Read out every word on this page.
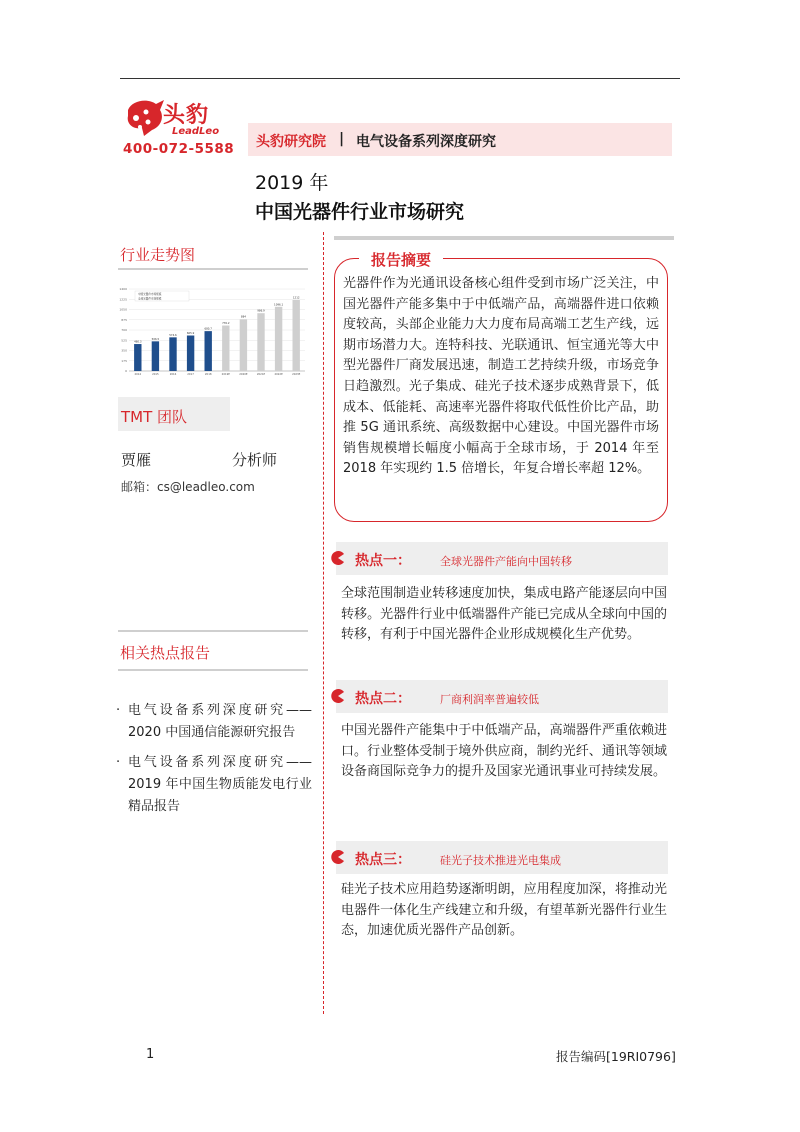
头豹
LeadLeo
400-072-5588 头豹研究院 | 电气设备系列深度研究
2019 年
中国光器件行业市场研究
行业走势图
0
175
350
525
700
875
1050
1225
1400
460.3
2014
506.5
2015
574.6
2016
605.9
2017
680.7
2018
776.2
2019E
884
2020E
986.9
2021E
1096.1
2022E
1212
2023E
中国光器件市场规模
全球光器件市场规模
TMT 团队
贾雁	分析师
邮箱：cs@leadleo.com
相关热点报告
· 电气设备系列深度研究——2020 中国通信能源研究报告
· 电气设备系列深度研究——2019 年中国生物质能发电行业精品报告
报告摘要
光器件作为光通讯设备核心组件受到市场广泛关注，中国光器件产能多集中于中低端产品，高端器件进口依赖度较高，头部企业能力大力度布局高端工艺生产线，远期市场潜力大。连特科技、光联通讯、恒宝通光等大中型光器件厂商发展迅速，制造工艺持续升级，市场竞争日趋激烈。光子集成、硅光子技术逐步成熟背景下，低成本、低能耗、高速率光器件将取代低性价比产品，助推 5G 通讯系统、高级数据中心建设。中国光器件市场销售规模增长幅度小幅高于全球市场，于 2014 年至 2018 年实现约 1.5 倍增长，年复合增长率超 12%。
热点一：	全球光器件产能向中国转移
全球范围制造业转移速度加快，集成电路产能逐层向中国转移。光器件行业中低端器件产能已完成从全球向中国的转移，有利于中国光器件企业形成规模化生产优势。
热点二：	厂商利润率普遍较低
中国光器件产能集中于中低端产品，高端器件严重依赖进口。行业整体受制于境外供应商，制约光纤、通讯等领域设备商国际竞争力的提升及国家光通讯事业可持续发展。
热点三：	硅光子技术推进光电集成
硅光子技术应用趋势逐渐明朗，应用程度加深，将推动光电器件一体化生产线建立和升级，有望革新光器件行业生态，加速优质光器件产品创新。
1	报告编码[19RI0796]
